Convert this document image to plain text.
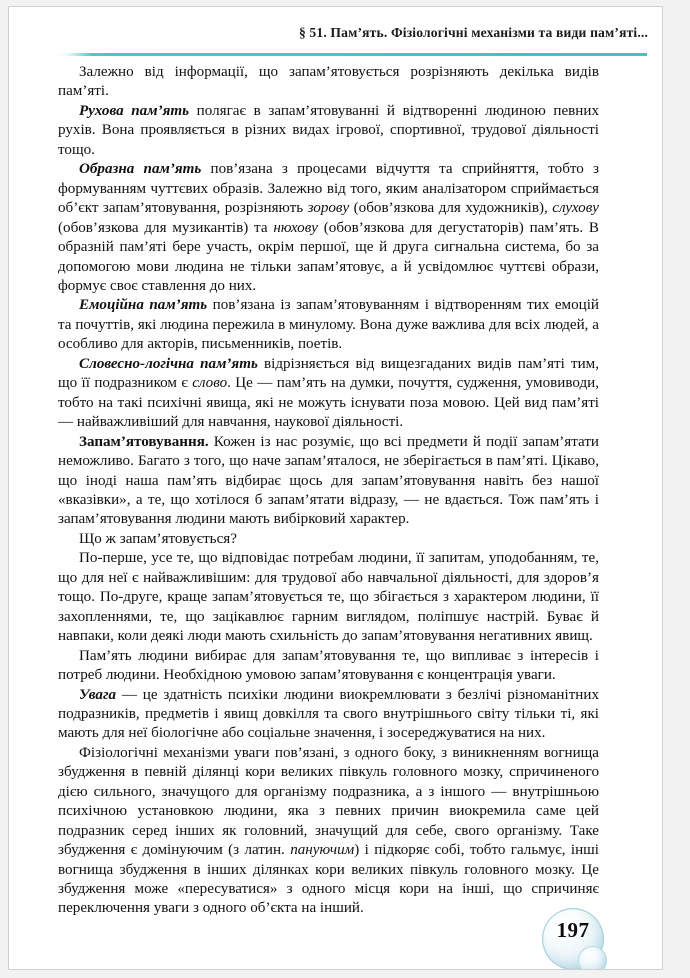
§ 51. Пам’ять. Фізіологічні механізми та види пам’яті...

Залежно від інформації, що запам’ятовується розрізняють декілька видів пам’яті.

Рухова пам’ять полягає в запам’ятовуванні й відтворенні людиною певних рухів. Вона проявляється в різних видах ігрової, спортивної, трудової діяльності тощо.

Образна пам’ять пов’язана з процесами відчуття та сприйняття, тобто з формуванням чуттєвих образів. Залежно від того, яким аналізатором сприймається об’єкт запам’ятовування, розрізняють зорову (обов’язкова для художників), слухову (обов’язкова для музикантів) та нюхову (обов’язкова для дегустаторів) пам’ять. В образній пам’яті бере участь, окрім першої, ще й друга сигнальна система, бо за допомогою мови людина не тільки запам’ятовує, а й усвідомлює чуттєві образи, формує своє ставлення до них.

Емоційна пам’ять пов’язана із запам’ятовуванням і відтворенням тих емоцій та почуттів, які людина пережила в минулому. Вона дуже важлива для всіх людей, а особливо для акторів, письменників, поетів.

Словесно-логічна пам’ять відрізняється від вищезгаданих видів пам’яті тим, що її подразником є слово. Це — пам’ять на думки, почуття, судження, умовиводи, тобто на такі психічні явища, які не можуть існувати поза мовою. Цей вид пам’яті — найважливіший для навчання, наукової діяльності.

Запам’ятовування. Кожен із нас розуміє, що всі предмети й події запам’ятати неможливо. Багато з того, що наче запам’яталося, не зберігається в пам’яті. Цікаво, що іноді наша пам’ять відбирає щось для запам’ятовування навіть без нашої «вказівки», а те, що хотілося б запам’ятати відразу, — не вдається. Тож пам’ять і запам’ятовування людини мають вибірковий характер.

Що ж запам’ятовується?

По-перше, усе те, що відповідає потребам людини, її запитам, уподобанням, те, що для неї є найважливішим: для трудової або навчальної діяльності, для здоров’я тощо. По-друге, краще запам’ятовується те, що збігається з характером людини, її захопленнями, те, що зацікавлює гарним виглядом, поліпшує настрій. Буває й навпаки, коли деякі люди мають схильність до запам’ятовування негативних явищ.

Пам’ять людини вибирає для запам’ятовування те, що випливає з інтересів і потреб людини. Необхідною умовою запам’ятовування є концентрація уваги.

Увага — це здатність психіки людини виокремлювати з безлічі різноманітних подразників, предметів і явищ довкілля та свого внутрішнього світу тільки ті, які мають для неї біологічне або соціальне значення, і зосереджуватися на них.

Фізіологічні механізми уваги пов’язані, з одного боку, з виникненням вогнища збудження в певній ділянці кори великих півкуль головного мозку, спричиненого дією сильного, значущого для організму подразника, а з іншого — внутрішньою психічною установкою людини, яка з певних причин виокремила саме цей подразник серед інших як головний, значущий для себе, свого організму. Таке збудження є домінуючим (з латин. пануючим) і підкоряє собі, тобто гальмує, інші вогнища збудження в інших ділянках кори великих півкуль головного мозку. Це збудження може «пересуватися» з одного місця кори на інші, що спричиняє переключення уваги з одного об’єкта на інший.

197
